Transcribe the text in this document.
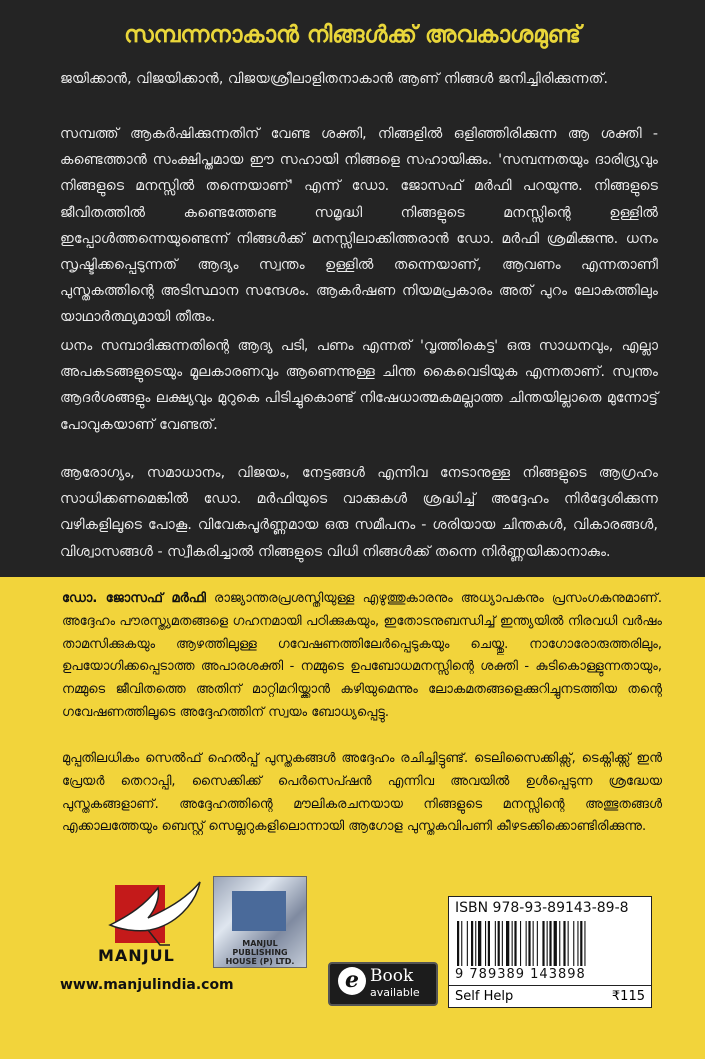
സമ്പന്നനാകാൻ നിങ്ങൾക്ക് അവകാശമുണ്ട്

ജയിക്കാൻ, വിജയിക്കാൻ, വിജയശ്രീലാളിതനാകാൻ ആണ് നിങ്ങൾ ജനിച്ചിരിക്കുന്നത്.

സമ്പത്ത് ആകർഷിക്കുന്നതിന് വേണ്ട ശക്തി, നിങ്ങളിൽ ഒളിഞ്ഞിരിക്കുന്ന ആ ശക്തി - കണ്ടെത്താൻ സംക്ഷിപ്തമായ ഈ സഹായി നിങ്ങളെ സഹായിക്കും. 'സമ്പന്നതയും ദാരിദ്ര്യവും നിങ്ങളുടെ മനസ്സിൽ തന്നെയാണ്' എന്ന് ഡോ. ജോസഫ് മർഫി പറയുന്നു. നിങ്ങളുടെ ജീവിതത്തിൽ കണ്ടെത്തേണ്ട സമൃദ്ധി നിങ്ങളുടെ മനസ്സിന്റെ ഉള്ളിൽ ഇപ്പോൾത്തന്നെയുണ്ടെന്ന് നിങ്ങൾക്ക് മനസ്സിലാക്കിത്തരാൻ ഡോ. മർഫി ശ്രമിക്കുന്നു. ധനം സൃഷ്ടിക്കപ്പെടുന്നത് ആദ്യം സ്വന്തം ഉള്ളിൽ തന്നെയാണ്, ആവണം എന്നതാണീ പുസ്തകത്തിന്റെ അടിസ്ഥാന സന്ദേശം. ആകർഷണ നിയമപ്രകാരം അത് പുറം ലോകത്തിലും യാഥാർത്ഥ്യമായി തീരും.

ധനം സമ്പാദിക്കുന്നതിന്റെ ആദ്യ പടി, പണം എന്നത് 'വൃത്തികെട്ട' ഒരു സാധനവും, എല്ലാ അപകടങ്ങളുടെയും മൂലകാരണവും ആണെന്നുള്ള ചിന്ത കൈവെടിയുക എന്നതാണ്. സ്വന്തം ആദർശങ്ങളും ലക്ഷ്യവും മുറുകെ പിടിച്ചുകൊണ്ട് നിഷേധാത്മകമല്ലാത്ത ചിന്തയില്ലാതെ മുന്നോട്ട് പോവുകയാണ് വേണ്ടത്.

ആരോഗ്യം, സമാധാനം, വിജയം, നേട്ടങ്ങൾ എന്നിവ നേടാനുള്ള നിങ്ങളുടെ ആഗ്രഹം സാധിക്കണമെങ്കിൽ ഡോ. മർഫിയുടെ വാക്കുകൾ ശ്രദ്ധിച്ച് അദ്ദേഹം നിർദ്ദേശിക്കുന്ന വഴികളിലൂടെ പോകൂ. വിവേകപൂർണ്ണമായ ഒരു സമീപനം - ശരിയായ ചിന്തകൾ, വികാരങ്ങൾ, വിശ്വാസങ്ങൾ - സ്വീകരിച്ചാൽ നിങ്ങളുടെ വിധി നിങ്ങൾക്ക് തന്നെ നിർണ്ണയിക്കാനാകും.

ഡോ. ജോസഫ് മർഫി രാജ്യാന്തരപ്രശസ്തിയുള്ള എഴുത്തുകാരനും അധ്യാപകനും പ്രസംഗകനുമാണ്. അദ്ദേഹം പൗരസ്ത്യമതങ്ങളെ ഗഹനമായി പഠിക്കുകയും, ഇതോടനുബന്ധിച്ച് ഇന്ത്യയിൽ നിരവധി വർഷം താമസിക്കുകയും ആഴത്തിലുള്ള ഗവേഷണത്തിലേർപ്പെടുകയും ചെയ്തു. നാഗോരോരുത്തരിലും, ഉപയോഗിക്കപ്പെടാത്ത അപാരശക്തി - നമ്മുടെ ഉപബോധമനസ്സിന്റെ ശക്തി - കുടികൊള്ളുന്നതായും, നമ്മുടെ ജീവിതത്തെ അതിന് മാറ്റിമറിയ്ക്കാൻ കഴിയുമെന്നും ലോകമതങ്ങളെക്കുറിച്ചുനടത്തിയ തന്റെ ഗവേഷണത്തിലൂടെ അദ്ദേഹത്തിന് സ്വയം ബോധ്യപ്പെട്ടു.

മുപ്പതിലധികം സെൽഫ് ഹെൽപ്പ് പുസ്തകങ്ങൾ അദ്ദേഹം രചിച്ചിട്ടുണ്ട്. ടെലിസൈക്കിക്സ്, ടെക്നിക്ക്സ് ഇൻ പ്രേയർ തെറാപ്പി, സൈക്കിക്ക് പെർസെപ്ഷൻ എന്നിവ അവയിൽ ഉൾപ്പെടുന്ന ശ്രദ്ധേയ പുസ്തകങ്ങളാണ്. അദ്ദേഹത്തിന്റെ മൗലികരചനയായ നിങ്ങളുടെ മനസ്സിന്റെ അത്ഭുതങ്ങൾ എക്കാലത്തേയും ബെസ്റ്റ് സെല്ലറുകളിലൊന്നായി ആഗോള പുസ്തകവിപണി കീഴടക്കിക്കൊണ്ടിരിക്കുന്നു.

MANJUL
MANJUL PUBLISHING HOUSE (P) LTD.
www.manjulindia.com	e Book
available
ISBN 978-93-89143-89-8
9 789389 143898
Self Help	₹115
